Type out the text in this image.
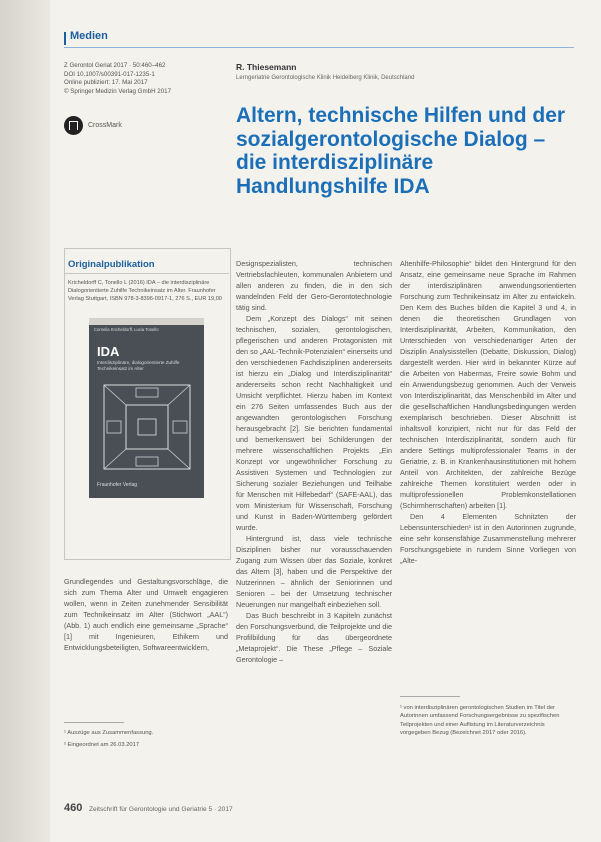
Medien
Z Gerontol Geriat 2017 · 50:460–462
DOI 10.1007/s00391-017-1235-1
Online publiziert: 17. Mai 2017
© Springer Medizin Verlag GmbH 2017
CrossMark
R. Thiesemann
Lerngeriatrie Gerontologische Klinik Heidelberg Klinik, Deutschland
Altern, technische Hilfen und der sozialgerontologische Dialog – die interdisziplinäre Handlungshilfe IDA
Originalpublikation
Kricheldorff C, Tonello L (2016) IDA – die interdisziplinäre Dialogorientierte Zuhilfe Technikeinsatz im Alter. Fraunhofer Verlag Stuttgart, ISBN 978-3-8396-0917-1, 276 S., EUR 19,00
Cornelia Kricheldorff, Lucia Tonello
IDA
Interdisziplinäre, dialogorientierte Zuhilfe Technikeinsatz im Alter
Fraunhofer Verlag

Grundlegendes und Gestaltungsvorschläge, die sich zum Thema Alter und Umwelt engagieren wollen, wenn in Zeiten zunehmender Sensibilität zum Technikeinsatz im Alter (Stichwort „AAL“) (Abb. 1) auch endlich eine gemeinsame „Sprache“ [1] mit Ingenieuren, Ethikern und Entwicklungsbeteiligten, Softwareentwicklern,

Designspezialisten, technischen Vertriebsfachleuten, kommunalen Anbietern und allen anderen zu finden, die in den sich wandelnden Feld der Gero-Gerontotechnologie tätig sind.

Dem „Konzept des Dialogs“ mit seinen technischen, sozialen, gerontologischen, pflegerischen und anderen Protagonisten mit den so „AAL-Technik-Potenzialen“ einerseits und den verschiedenen Fachdisziplinen andererseits ist hierzu ein „Dialog und Interdisziplinarität“ andererseits schon recht Nachhaltigkeit und Umsicht verpflichtet. Hierzu haben im Kontext ein 276 Seiten umfassendes Buch aus der angewandten gerontologischen Forschung herausgebracht [2]. Sie berichten fundamental und bemerkenswert bei Schilderungen der mehrere wissenschaftlichen Projekts „Ein Konzept vor ungewöhnlicher Forschung zu Assistiven Systemen und Technologien zur Sicherung sozialer Beziehungen und Teilhabe für Menschen mit Hilfebedarf“ (SAFE-AAL), das vom Ministerium für Wissenschaft, Forschung und Kunst in Baden-Württemberg gefördert wurde.

Hintergrund ist, dass viele technische Disziplinen bisher nur vorausschauenden Zugang zum Wissen über das Soziale, konkret das Altern [3], haben und die Perspektive der Nutzerinnen – ähnlich der Seniorinnen und Senioren – bei der Umsetzung technischer Neuerungen nur mangelhaft einbeziehen soll.

Das Buch beschreibt in 3 Kapiteln zunächst den Forschungsverbund, die Teilprojekte und die Profilbildung für das übergeordnete „Metaprojekt“. Die These „Pflege – Soziale Gerontologie –

Altenhilfe-Philosophie“ bildet den Hintergrund für den Ansatz, eine gemeinsame neue Sprache im Rahmen der interdisziplinären anwendungsorientierten Forschung zum Technikeinsatz im Alter zu entwickeln. Den Kern des Buches bilden die Kapitel 3 und 4, in denen die theoretischen Grundlagen von Interdisziplinarität, Arbeiten, Kommunikation, den Unterschieden von verschiedenartiger Arten der Disziplin Analysisstellen (Debatte, Diskussion, Dialog) dargestellt werden. Hier wird in bekannter Kürze auf die Arbeiten von Habermas, Freire sowie Bohm und ein Anwendungsbezug genommen. Auch der Verweis von Interdisziplinarität, das Menschenbild im Alter und die gesellschaftlichen Handlungsbedingungen werden exemplarisch beschrieben. Dieser Abschnitt ist inhaltsvoll konzipiert, nicht nur für das Feld der technischen Interdisziplinarität, sondern auch für andere Settings multiprofessionaler Teams in der Geriatrie, z. B. in Krankenhausinstitutionen mit hohem Anteil von Architekten, der zahlreiche Bezüge zahlreiche Themen konstituiert werden oder in multiprofessionellen Problemkonstellationen (Schirmherrschaften) arbeiten [1].

Den 4 Elementen Schnitzten der Lebensunterschieden¹ ist in den Autorinnen zugrunde, eine sehr konsensfähige Zusammenstellung mehrerer Forschungsgebiete in rundem Sinne Vorliegen von „Alte-

¹ Auszüge aus Zusammenfassung.
² Eingeordnet am 26.03.2017
¹ von interdisziplinären gerontologischen Studien im Titel der Autorinnen umfassend Forschungsergebnisse zu spezifischen Teilprojekten und einer Auflistung im Literaturverzeichnis vorgegeben Bezug (Bezeichnet 2017 oder 2016).
460 Zeitschrift für Gerontologie und Geriatrie 5 · 2017
